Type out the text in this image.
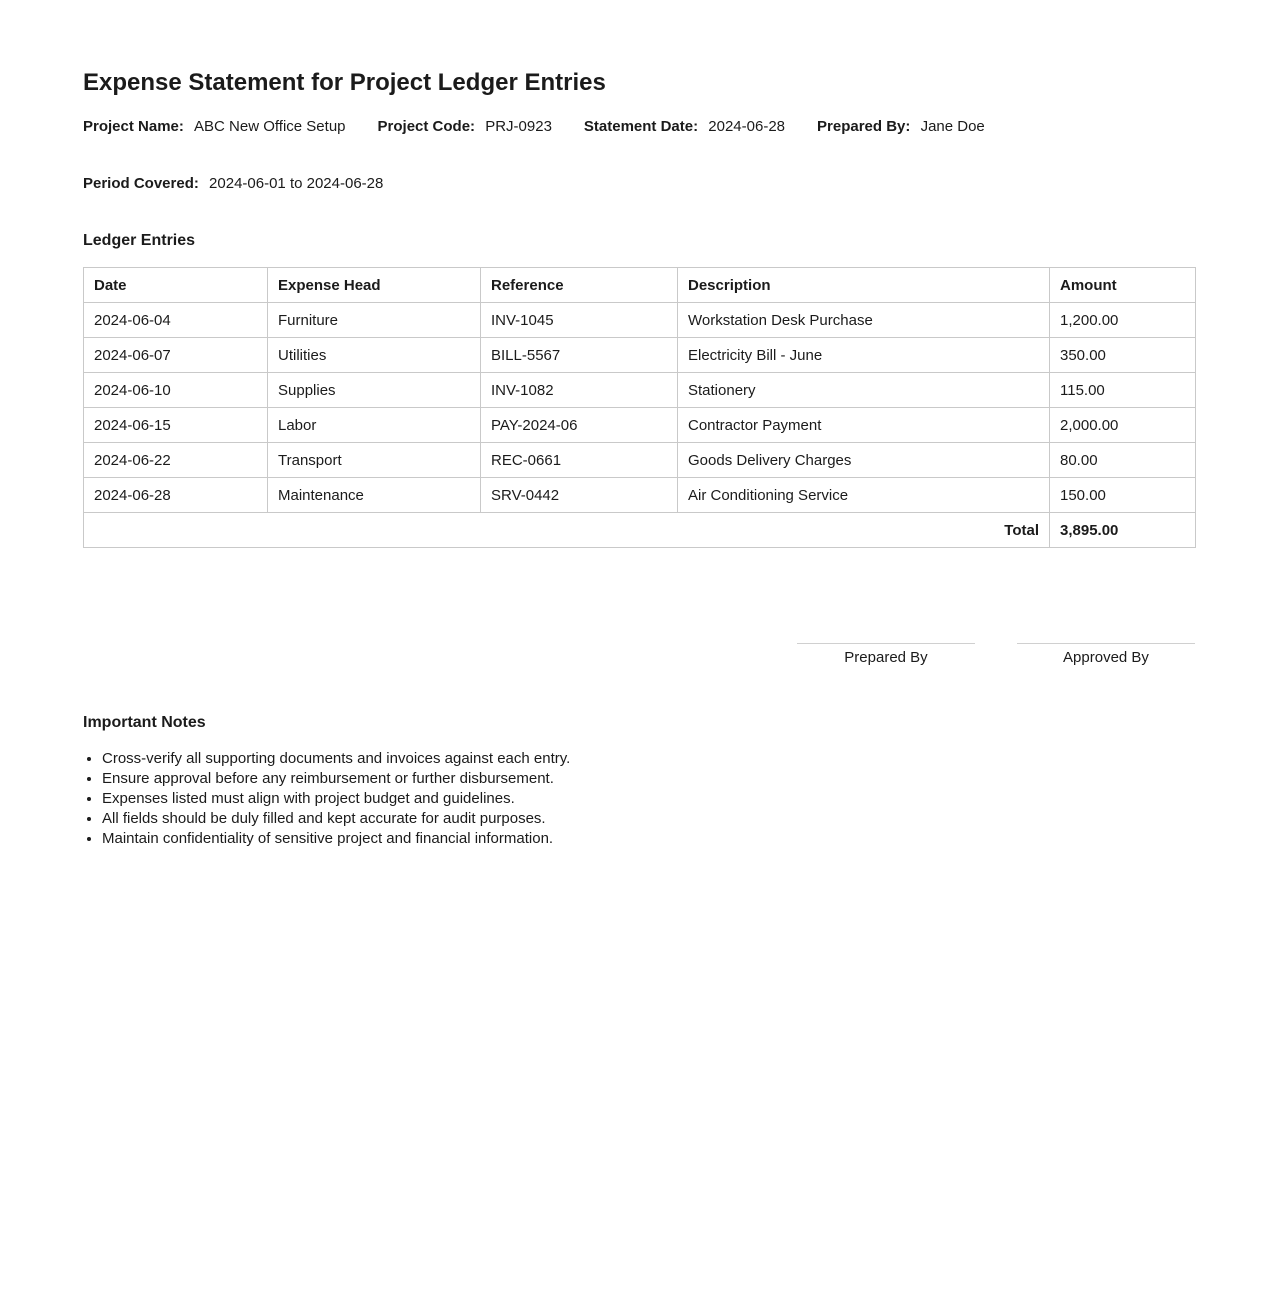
Expense Statement for Project Ledger Entries
Project Name: ABC New Office Setup Project Code: PRJ-0923 Statement Date: 2024-06-28 Prepared By: Jane Doe
Period Covered: 2024-06-01 to 2024-06-28
Ledger Entries
Date	Expense Head	Reference	Description	Amount
2024-06-04	Furniture	INV-1045	Workstation Desk Purchase	1,200.00
2024-06-07	Utilities	BILL-5567	Electricity Bill - June	350.00
2024-06-10	Supplies	INV-1082	Stationery	115.00
2024-06-15	Labor	PAY-2024-06	Contractor Payment	2,000.00
2024-06-22	Transport	REC-0661	Goods Delivery Charges	80.00
2024-06-28	Maintenance	SRV-0442	Air Conditioning Service	150.00
Total				3,895.00
Prepared By	Approved By
Important Notes
• Cross-verify all supporting documents and invoices against each entry.
• Ensure approval before any reimbursement or further disbursement.
• Expenses listed must align with project budget and guidelines.
• All fields should be duly filled and kept accurate for audit purposes.
• Maintain confidentiality of sensitive project and financial information.
